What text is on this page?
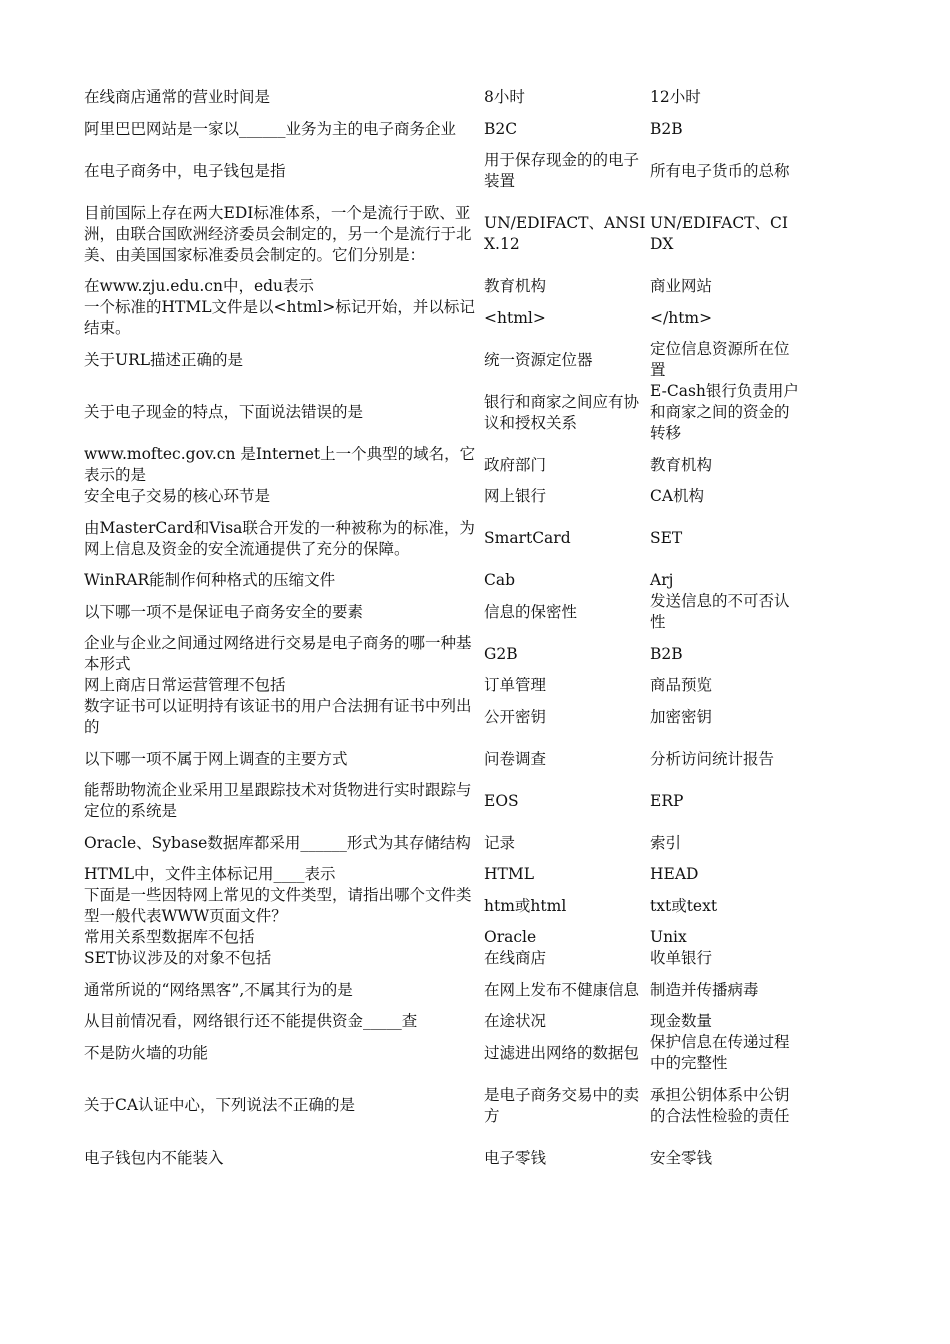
在线商店通常的营业时间是	8小时	12小时
阿里巴巴网站是一家以______业务为主的电子商务企业	B2C	B2B
在电子商务中，电子钱包是指	用于保存现金的的电子装置	所有电子货币的总称
目前国际上存在两大EDI标准体系，一个是流行于欧、亚洲，由联合国欧洲经济委员会制定的，另一个是流行于北美、由美国国家标准委员会制定的。它们分别是：	UN/EDIFACT、ANSIX.12	UN/EDIFACT、CIDX
在www.zju.edu.cn中，edu表示	教育机构	商业网站
一个标准的HTML文件是以<html>标记开始，并以标记结束。	<html>	</htm>
关于URL描述正确的是	统一资源定位器	定位信息资源所在位置
关于电子现金的特点，下面说法错误的是	银行和商家之间应有协议和授权关系	E-Cash银行负责用户和商家之间的资金的转移
www.moftec.gov.cn 是Internet上一个典型的域名，它表示的是	政府部门	教育机构
安全电子交易的核心环节是	网上银行	CA机构
由MasterCard和Visa联合开发的一种被称为的标准，为网上信息及资金的安全流通提供了充分的保障。	SmartCard	SET
WinRAR能制作何种格式的压缩文件	Cab	Arj
以下哪一项不是保证电子商务安全的要素	信息的保密性	发送信息的不可否认性
企业与企业之间通过网络进行交易是电子商务的哪一种基本形式	G2B	B2B
网上商店日常运营管理不包括	订单管理	商品预览
数字证书可以证明持有该证书的用户合法拥有证书中列出的	公开密钥	加密密钥
以下哪一项不属于网上调查的主要方式	问卷调查	分析访问统计报告
能帮助物流企业采用卫星跟踪技术对货物进行实时跟踪与定位的系统是	EOS	ERP
Oracle、Sybase数据库都采用______形式为其存储结构	记录	索引
HTML中，文件主体标记用____表示	HTML	HEAD
下面是一些因特网上常见的文件类型，请指出哪个文件类型一般代表WWW页面文件？	htm或html	txt或text
常用关系型数据库不包括	Oracle	Unix
SET协议涉及的对象不包括	在线商店	收单银行
通常所说的“网络黑客”,不属其行为的是	在网上发布不健康信息	制造并传播病毒
从目前情况看，网络银行还不能提供资金_____查	在途状况	现金数量
不是防火墙的功能	过滤进出网络的数据包	保护信息在传递过程中的完整性
关于CA认证中心，下列说法不正确的是	是电子商务交易中的卖方	承担公钥体系中公钥的合法性检验的责任
电子钱包内不能装入	电子零钱	安全零钱
